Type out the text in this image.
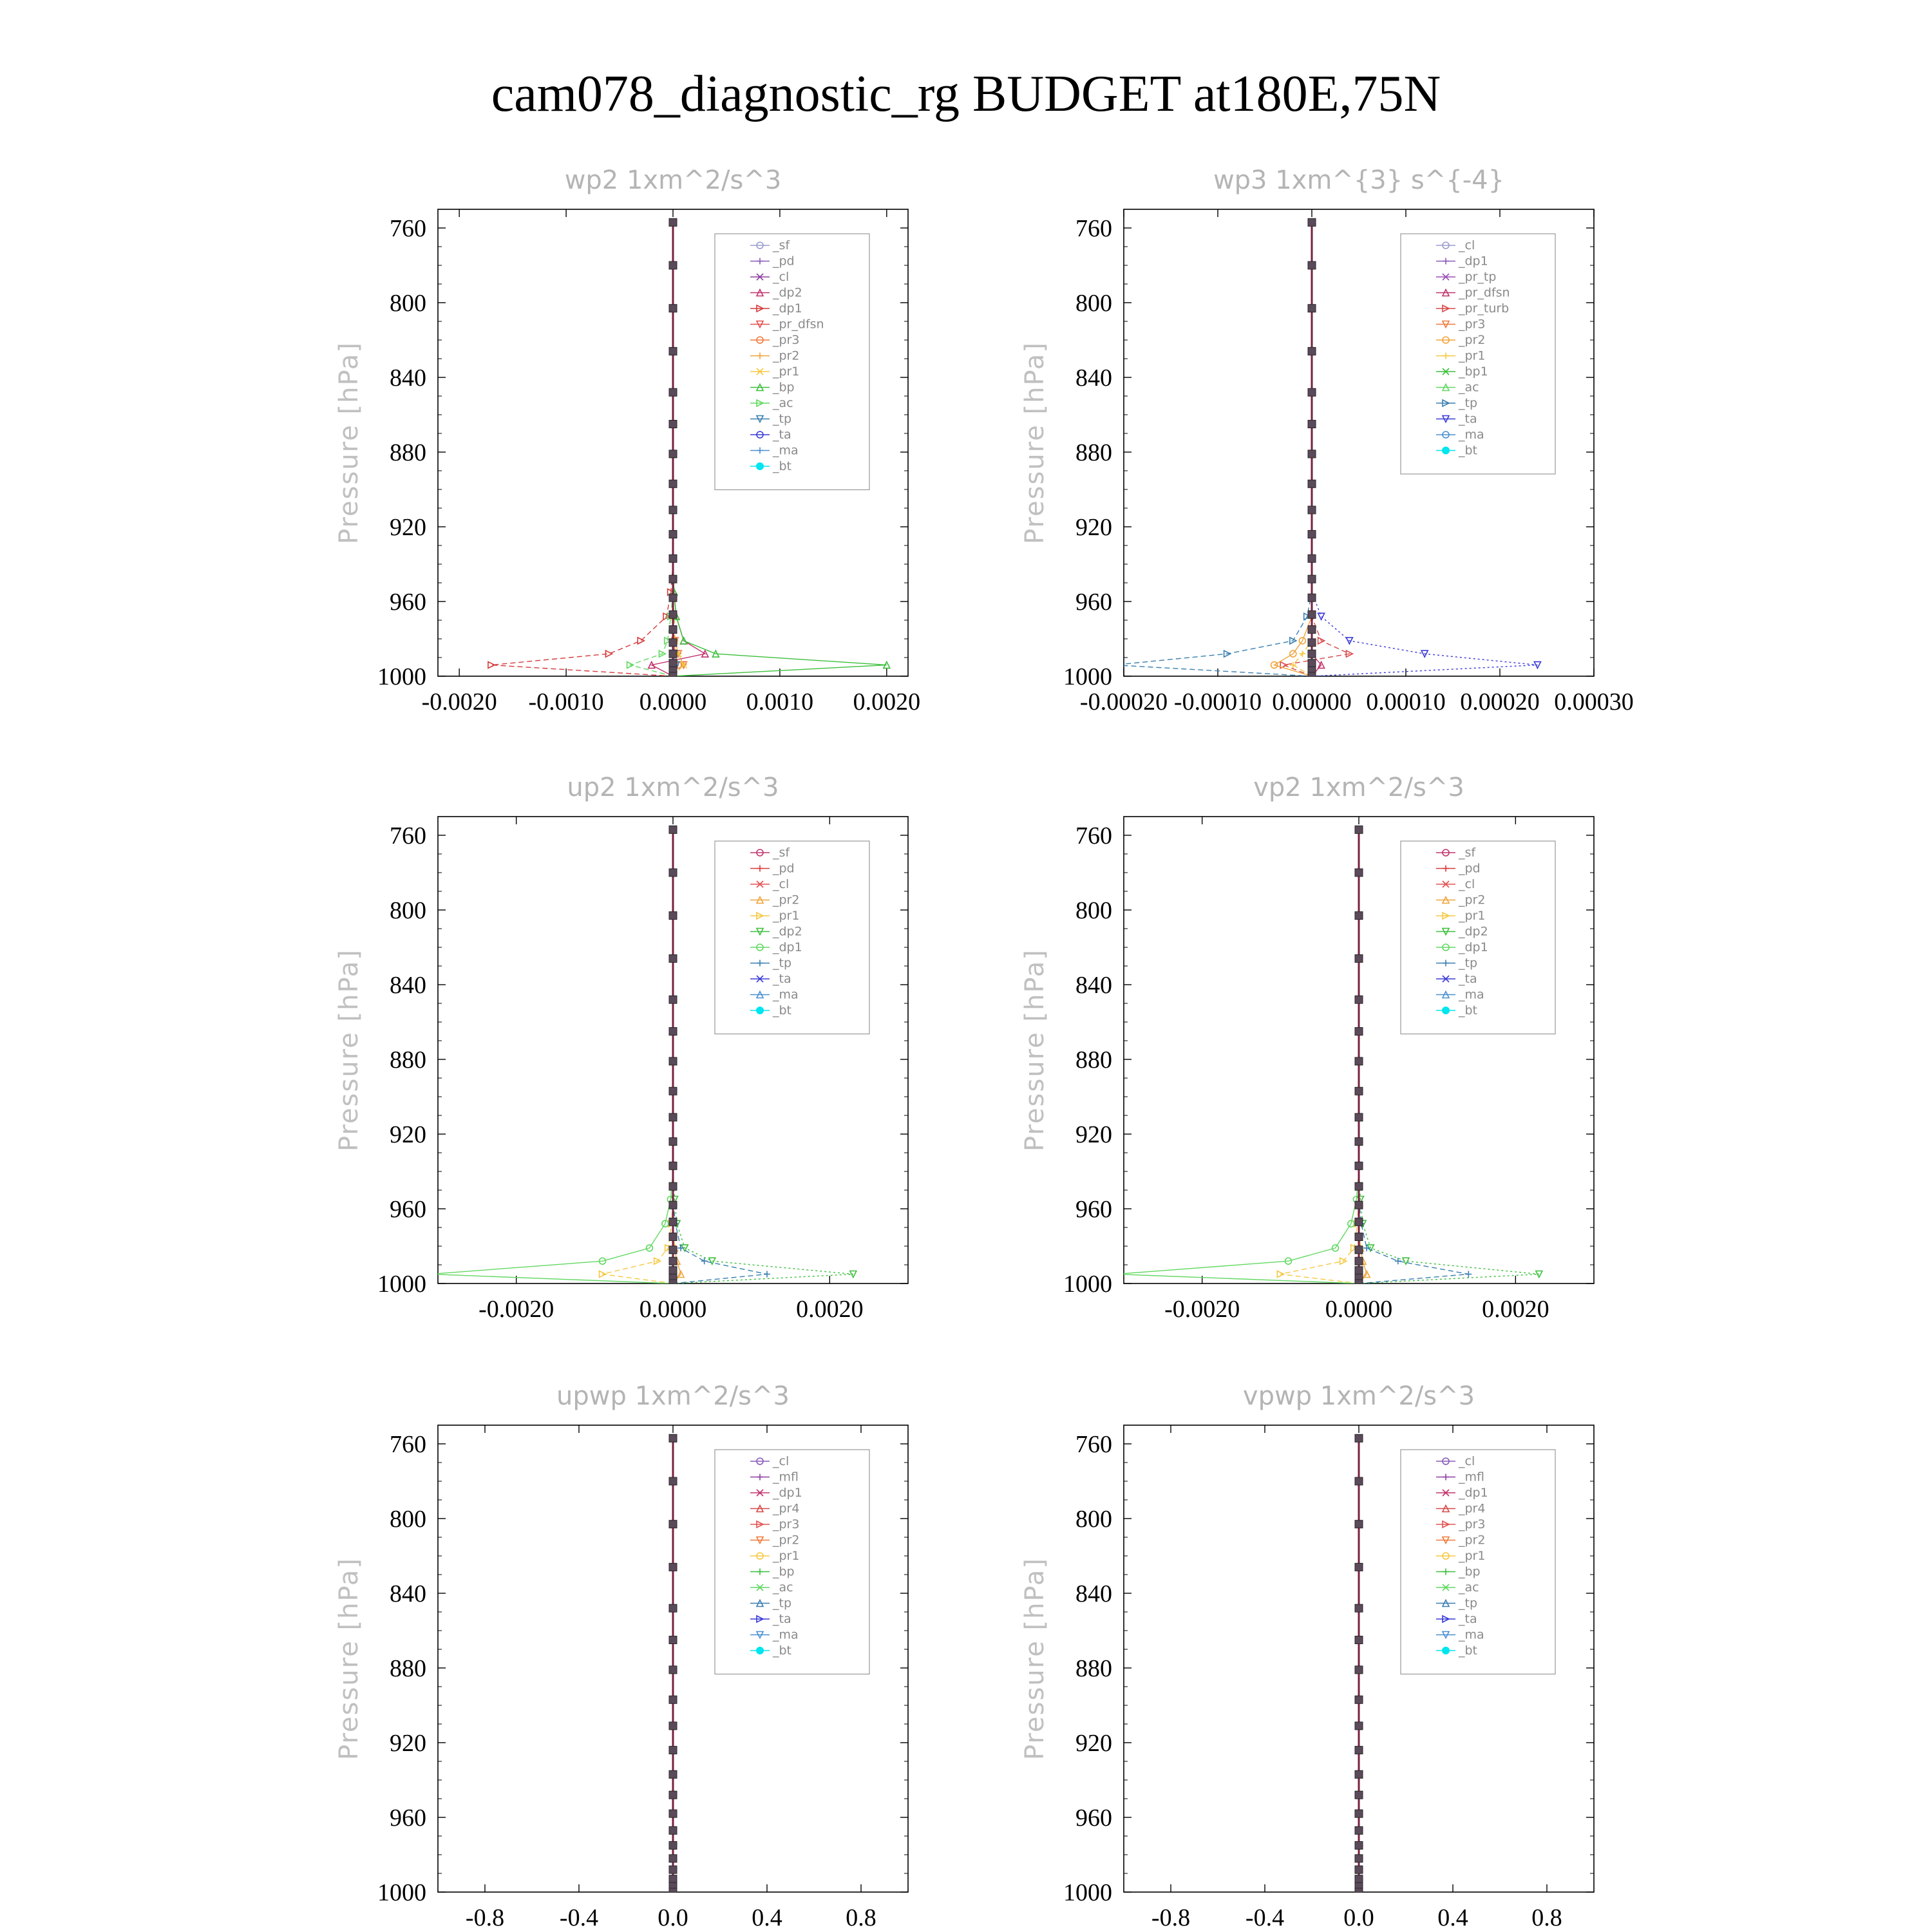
cam078_diagnostic_rg BUDGET at180E,75N
wp2 1xm^2/s^3
760
800
840
880
920
960
1000
-0.0020 -0.0010 0.0000 0.0010 0.0020
Pressure [hPa]
_sf
_pd
_cl
_dp2
_dp1
_pr_dfsn
_pr3
_pr2
_pr1
_bp
_ac
_tp
_ta
_ma
_bt
wp3 1xm^{3} s^{-4}
760
800
840
880
920
960
1000
-0.00020 -0.00010 0.00000 0.00010 0.00020 0.00030
Pressure [hPa]
_cl
_dp1
_pr_tp
_pr_dfsn
_pr_turb
_pr3
_pr2
_pr1
_bp1
_ac
_tp
_ta
_ma
_bt
up2 1xm^2/s^3
760
800
840
880
920
960
1000
-0.0020	0.0000	0.0020
Pressure [hPa]
_sf
_pd
_cl
_pr2
_pr1
_dp2
_dp1
_tp
_ta
_ma
_bt
vp2 1xm^2/s^3
760
800
840
880
920
960
1000
-0.0020	0.0000	0.0020
Pressure [hPa]
_sf
_pd
_cl
_pr2
_pr1
_dp2
_dp1
_tp
_ta
_ma
_bt
upwp 1xm^2/s^3
760
800
840
880
920
960
1000
-0.8 -0.4 0.0	0.4	0.8
Pressure [hPa]
_cl
_mfl
_dp1
_pr4
_pr3
_pr2
_pr1
_bp
_ac
_tp
_ta
_ma
_bt
vpwp 1xm^2/s^3
760
800
840
880
920
960
1000
-0.8 -0.4 0.0	0.4	0.8
Pressure [hPa]
_cl
_mfl
_dp1
_pr4
_pr3
_pr2
_pr1
_bp
_ac
_tp
_ta
_ma
_bt
